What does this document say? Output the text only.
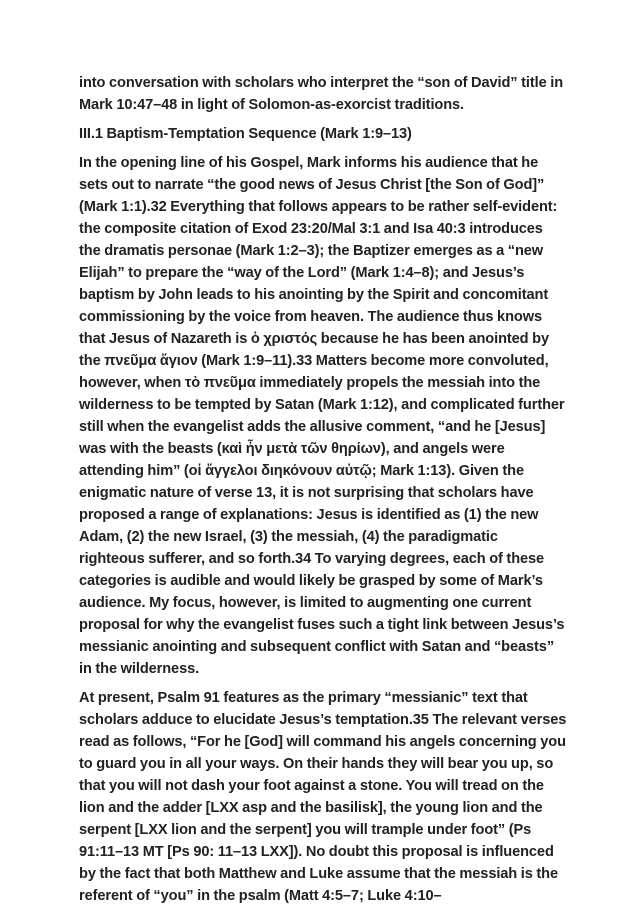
into conversation with scholars who interpret the “son of David” title in Mark 10:47–48 in light of Solomon-as-exorcist traditions.

III.1 Baptism-Temptation Sequence (Mark 1:9–13)

In the opening line of his Gospel, Mark informs his audience that he sets out to narrate “the good news of Jesus Christ [the Son of God]” (Mark 1:1).32 Everything that follows appears to be rather self-evident: the composite citation of Exod 23:20/Mal 3:1 and Isa 40:3 introduces the dramatis personae (Mark 1:2–3); the Baptizer emerges as a “new Elijah” to prepare the “way of the Lord” (Mark 1:4–8); and Jesus’s baptism by John leads to his anointing by the Spirit and concomitant commissioning by the voice from heaven. The audience thus knows that Jesus of Nazareth is ὁ χριστός because he has been anointed by the πνεῦμα ἅγιον (Mark 1:9–11).33 Matters become more convoluted, however, when τὸ πνεῦμα immediately propels the messiah into the wilderness to be tempted by Satan (Mark 1:12), and complicated further still when the evangelist adds the allusive comment, “and he [Jesus] was with the beasts (καὶ ἦν μετὰ τῶν θηρίων), and angels were attending him” (οἱ ἄγγελοι διηκόνουν αὐτῷ; Mark 1:13). Given the enigmatic nature of verse 13, it is not surprising that scholars have proposed a range of explanations: Jesus is identified as (1) the new Adam, (2) the new Israel, (3) the messiah, (4) the paradigmatic righteous sufferer, and so forth.34 To varying degrees, each of these categories is audible and would likely be grasped by some of Mark’s audience. My focus, however, is limited to augmenting one current proposal for why the evangelist fuses such a tight link between Jesus’s messianic anointing and subsequent conflict with Satan and “beasts” in the wilderness.

At present, Psalm 91 features as the primary “messianic” text that scholars adduce to elucidate Jesus’s temptation.35 The relevant verses read as follows, “For he [God] will command his angels concerning you to guard you in all your ways. On their hands they will bear you up, so that you will not dash your foot against a stone. You will tread on the lion and the adder [LXX asp and the basilisk], the young lion and the serpent [LXX lion and the serpent] you will trample under foot” (Ps 91:11–13 MT [Ps 90: 11–13 LXX]). No doubt this proposal is influenced by the fact that both Matthew and Luke assume that the messiah is the referent of “you” in the psalm (Matt 4:5–7; Luke 4:10–
